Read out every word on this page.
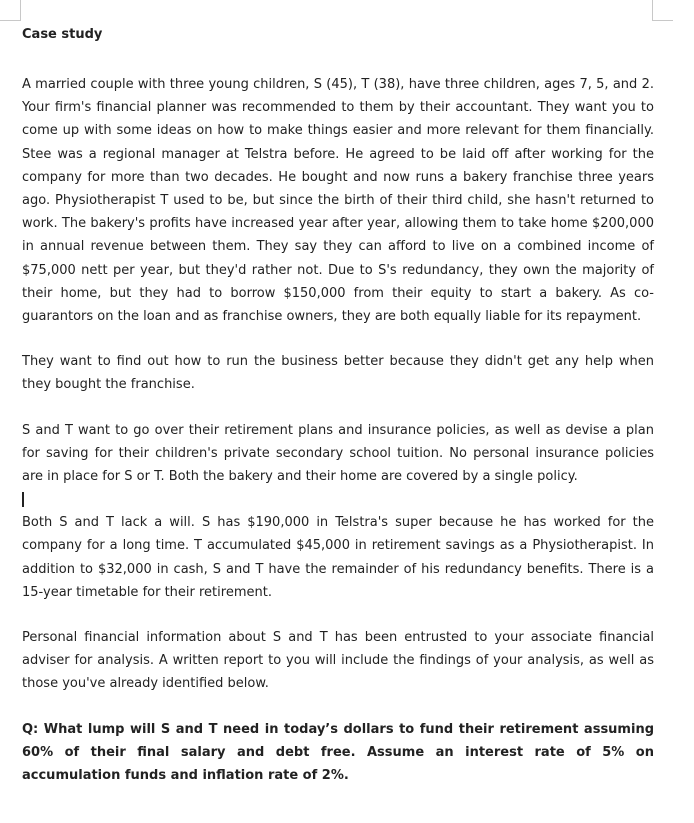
Case study

A married couple with three young children, S (45), T (38), have three children, ages 7, 5, and 2. Your firm's financial planner was recommended to them by their accountant. They want you to come up with some ideas on how to make things easier and more relevant for them financially. Stee was a regional manager at Telstra before. He agreed to be laid off after working for the company for more than two decades. He bought and now runs a bakery franchise three years ago. Physiotherapist T used to be, but since the birth of their third child, she hasn't returned to work. The bakery's profits have increased year after year, allowing them to take home $200,000 in annual revenue between them. They say they can afford to live on a combined income of $75,000 nett per year, but they'd rather not. Due to S's redundancy, they own the majority of their home, but they had to borrow $150,000 from their equity to start a bakery. As co-guarantors on the loan and as franchise owners, they are both equally liable for its repayment.

They want to find out how to run the business better because they didn't get any help when they bought the franchise.

S and T want to go over their retirement plans and insurance policies, as well as devise a plan for saving for their children's private secondary school tuition. No personal insurance policies are in place for S or T. Both the bakery and their home are covered by a single policy.

Both S and T lack a will. S has $190,000 in Telstra's super because he has worked for the company for a long time. T accumulated $45,000 in retirement savings as a Physiotherapist. In addition to $32,000 in cash, S and T have the remainder of his redundancy benefits. There is a 15-year timetable for their retirement.

Personal financial information about S and T has been entrusted to your associate financial adviser for analysis. A written report to you will include the findings of your analysis, as well as those you've already identified below.

Q: What lump will S and T need in today’s dollars to fund their retirement assuming 60% of their final salary and debt free. Assume an interest rate of 5% on accumulation funds and inflation rate of 2%.
